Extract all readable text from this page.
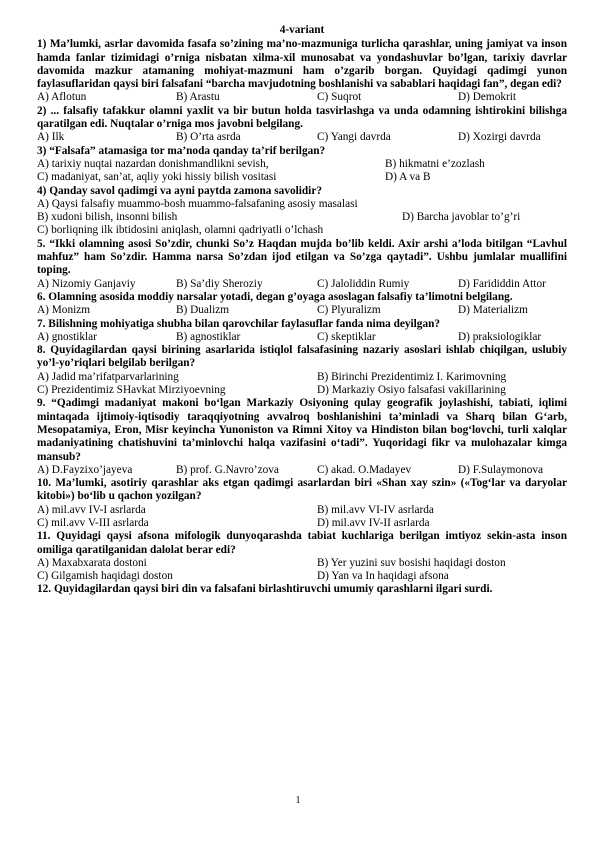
4-variant
1) Ma’lumki, asrlar davomida fasafa so’zining ma’no-mazmuniga turlicha qarashlar, uning jamiyat va inson hamda fanlar tizimidagi o’rniga nisbatan xilma-xil munosabat va yondashuvlar bo’lgan, tarixiy davrlar davomida mazkur atamaning mohiyat-mazmuni ham o’zgarib borgan. Quyidagi qadimgi yunon faylasuflaridan qaysi biri falsafani “barcha mavjudotning boshlanishi va sabablari haqidagi fan”, degan edi?
A) Aflotun	B) Arastu	C) Suqrot	D) Demokrit
2) ... falsafiy tafakkur olamni yaxlit va bir butun holda tasvirlashga va unda odamning ishtirokini bilishga qaratilgan edi. Nuqtalar o’rniga mos javobni belgilang.
A) Ilk	B) O’rta asrda	C) Yangi davrda	D) Xozirgi davrda
3) “Falsafa” atamasiga tor ma’noda qanday ta’rif berilgan?
A) tarixiy nuqtai nazardan donishmandlikni sevish,	B) hikmatni e’zozlash
C) madaniyat, san’at, aqliy yoki hissiy bilish vositasi	D) A va B
4) Qanday savol qadimgi va ayni paytda zamona savolidir?
A) Qaysi falsafiy muammo-bosh muammo-falsafaning asosiy masalasi
B) xudoni bilish, insonni bilish	D) Barcha javoblar to’g’ri
C) borliqning ilk ibtidosini aniqlash, olamni qadriyatli o’lchash
5. “Ikki olamning asosi So’zdir, chunki So’z Haqdan mujda bo’lib keldi. Axir arshi a’loda bitilgan “Lavhul mahfuz” ham So’zdir. Hamma narsa So’zdan ijod etilgan va So’zga qaytadi”. Ushbu jumlalar muallifini toping.
A) Nizomiy Ganjaviy	B) Sa’diy Sheroziy	C) Jaloliddin Rumiy	D) Farididdin Attor
6. Olamning asosida moddiy narsalar yotadi, degan g’oyaga asoslagan falsafiy ta’limotni belgilang.
A) Monizm	B) Dualizm	C) Plyuralizm	D) Materializm
7. Bilishning mohiyatiga shubha bilan qarovchilar faylasuflar fanda nima deyilgan?
A) gnostiklar	B) agnostiklar	C) skeptiklar	D) praksiologiklar
8. Quyidagilardan qaysi birining asarlarida istiqlol falsafasining nazariy asoslari ishlab chiqilgan, uslubiy yo’l-yo’riqlari belgilab berilgan?
A) Jadid ma’rifatparvarlarining	B) Birinchi Prezidentimiz I. Karimovning
C) Prezidentimiz SHavkat Mirziyoevning	D) Markaziy Osiyo falsafasi vakillarining
9. “Qadimgi madaniyat makoni bo‘lgan Markaziy Osiyoning qulay geografik joylashishi, tabiati, iqlimi mintaqada ijtimoiy-iqtisodiy taraqqiyotning avvalroq boshlanishini ta’minladi va Sharq bilan G‘arb, Mesopatamiya, Eron, Misr keyincha Yunoniston va Rimni Xitoy va Hindiston bilan bog‘lovchi, turli xalqlar madaniyatining chatishuvini ta’minlovchi halqa vazifasini o‘tadi”. Yuqoridagi fikr va mulohazalar kimga mansub?
A) D.Fayzixo’jayeva	B) prof. G.Navro’zova	C) akad. O.Madayev	D) F.Sulaymonova
10. Ma’lumki, asotiriy qarashlar aks etgan qadimgi asarlardan biri «Shan xay szin» («Tog‘lar va daryolar kitobi») bo‘lib u qachon yozilgan?
A) mil.avv IV-I asrlarda	B) mil.avv VI-IV asrlarda
C) mil.avv V-III asrlarda	D) mil.avv IV-II asrlarda
11. Quyidagi qaysi afsona mifologik dunyoqarashda tabiat kuchlariga berilgan imtiyoz sekin-asta inson omiliga qaratilganidan dalolat berar edi?
A) Maxabxarata dostoni	B) Yer yuzini suv bosishi haqidagi doston
C) Gilgamish haqidagi doston	D) Yan va In haqidagi afsona
12. Quyidagilardan qaysi biri din va falsafani birlashtiruvchi umumiy qarashlarni ilgari surdi.
1
